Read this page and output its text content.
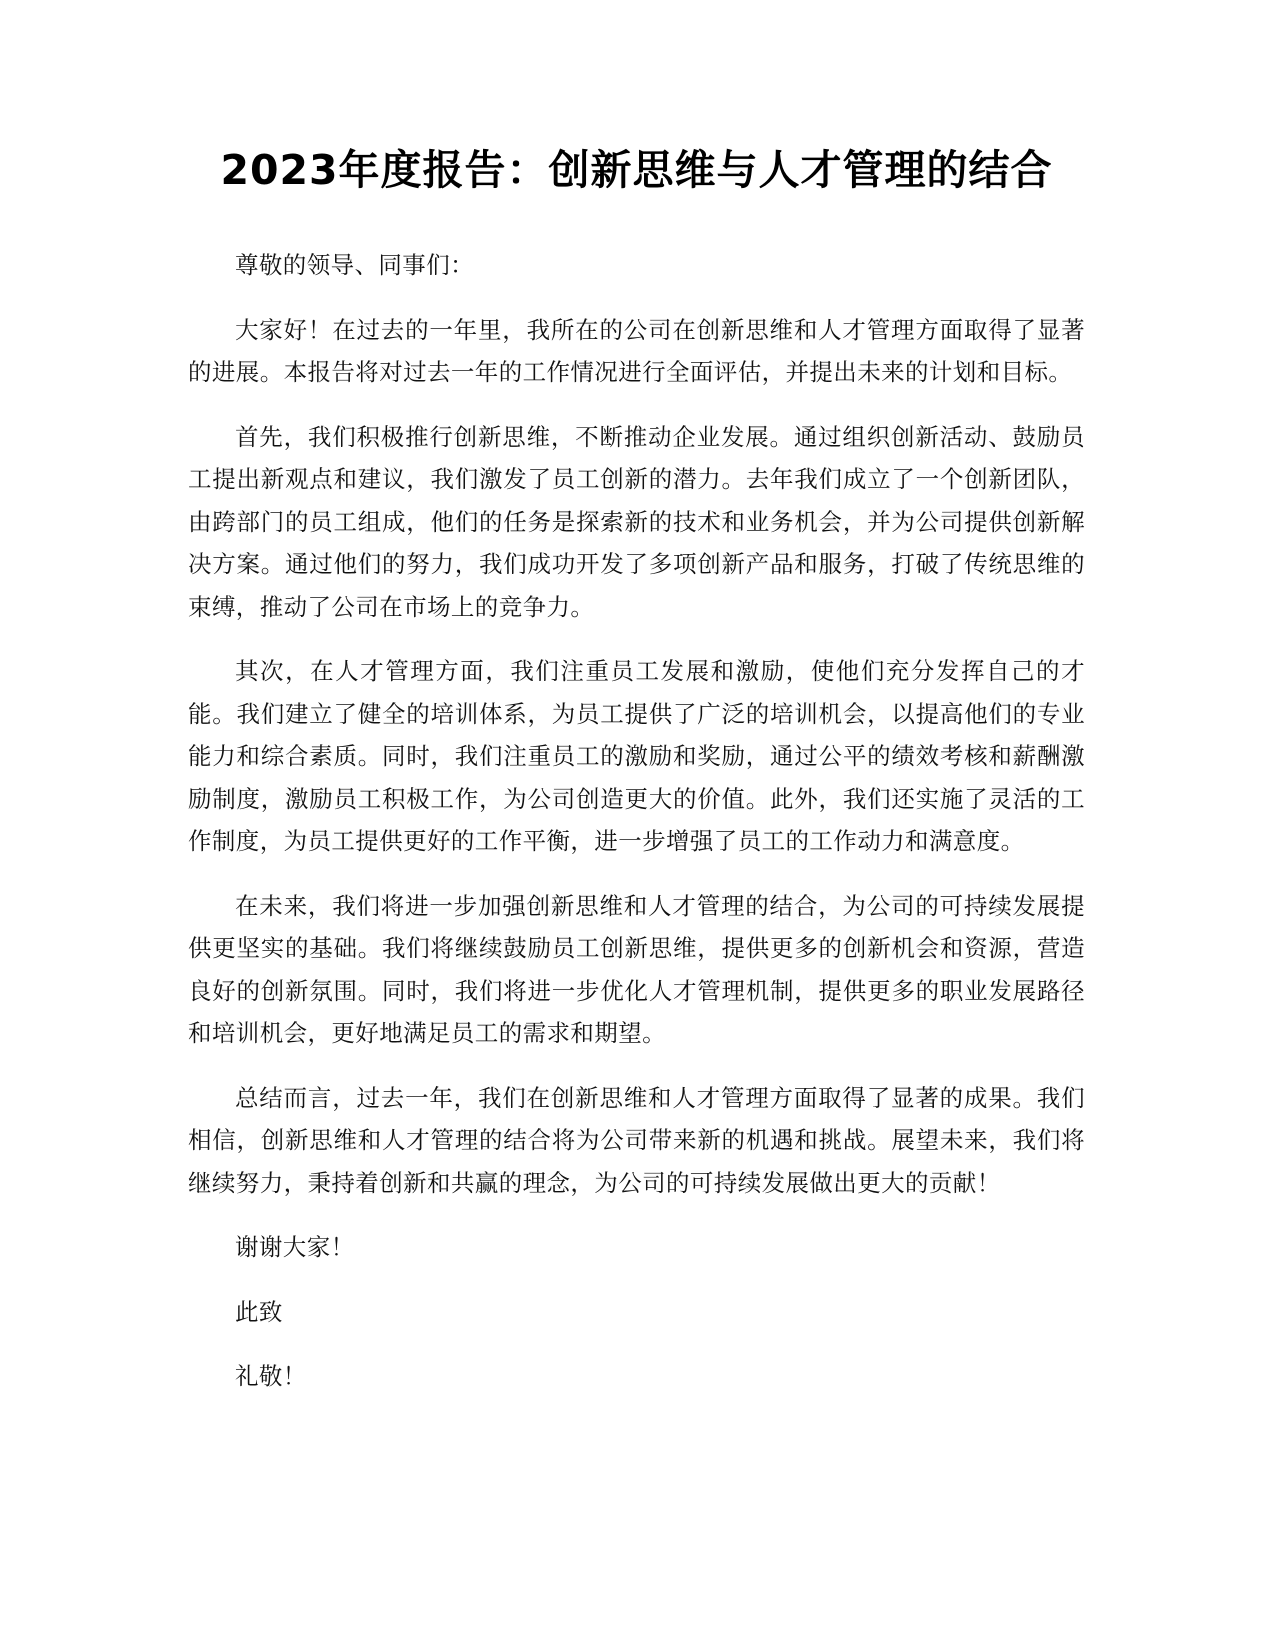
2023年度报告：创新思维与人才管理的结合

尊敬的领导、同事们：

大家好！在过去的一年里，我所在的公司在创新思维和人才管理方面取得了显著的进展。本报告将对过去一年的工作情况进行全面评估，并提出未来的计划和目标。

首先，我们积极推行创新思维，不断推动企业发展。通过组织创新活动、鼓励员工提出新观点和建议，我们激发了员工创新的潜力。去年我们成立了一个创新团队，由跨部门的员工组成，他们的任务是探索新的技术和业务机会，并为公司提供创新解决方案。通过他们的努力，我们成功开发了多项创新产品和服务，打破了传统思维的束缚，推动了公司在市场上的竞争力。

其次，在人才管理方面，我们注重员工发展和激励，使他们充分发挥自己的才能。我们建立了健全的培训体系，为员工提供了广泛的培训机会，以提高他们的专业能力和综合素质。同时，我们注重员工的激励和奖励，通过公平的绩效考核和薪酬激励制度，激励员工积极工作，为公司创造更大的价值。此外，我们还实施了灵活的工作制度，为员工提供更好的工作平衡，进一步增强了员工的工作动力和满意度。

在未来，我们将进一步加强创新思维和人才管理的结合，为公司的可持续发展提供更坚实的基础。我们将继续鼓励员工创新思维，提供更多的创新机会和资源，营造良好的创新氛围。同时，我们将进一步优化人才管理机制，提供更多的职业发展路径和培训机会，更好地满足员工的需求和期望。

总结而言，过去一年，我们在创新思维和人才管理方面取得了显著的成果。我们相信，创新思维和人才管理的结合将为公司带来新的机遇和挑战。展望未来，我们将继续努力，秉持着创新和共赢的理念，为公司的可持续发展做出更大的贡献！

谢谢大家！

此致

礼敬！
